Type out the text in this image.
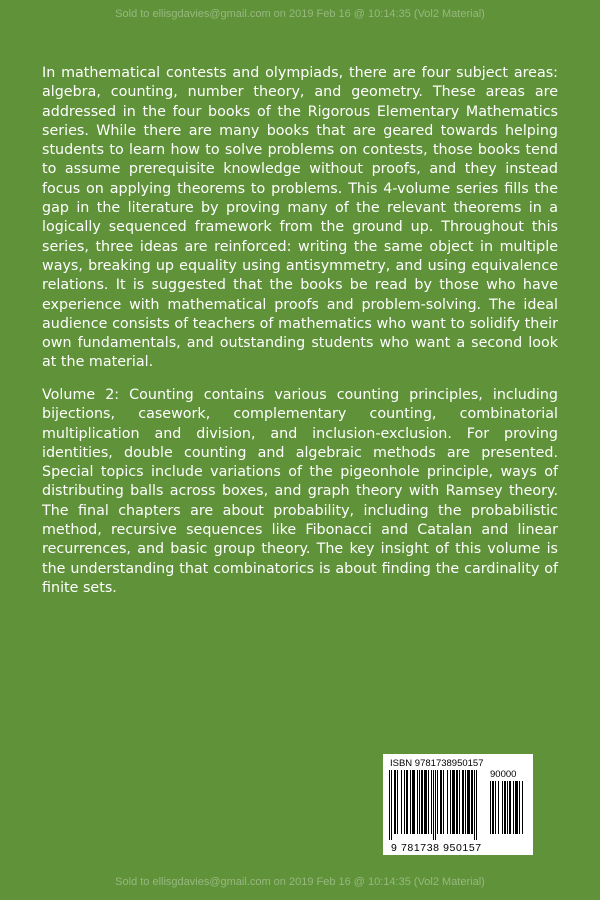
Sold to ellisgdavies@gmail.com on 2019 Feb 16 @ 10:14:35 (Vol2 Material)

In mathematical contests and olympiads, there are four subject areas: algebra, counting, number theory, and geometry. These areas are addressed in the four books of the Rigorous Elementary Mathematics series. While there are many books that are geared towards helping students to learn how to solve problems on contests, those books tend to assume prerequisite knowledge without proofs, and they instead focus on applying theorems to problems. This 4-volume series fills the gap in the literature by proving many of the relevant theorems in a logically sequenced framework from the ground up. Throughout this series, three ideas are reinforced: writing the same object in multiple ways, breaking up equality using antisymmetry, and using equivalence relations. It is suggested that the books be read by those who have experience with mathematical proofs and problem-solving. The ideal audience consists of teachers of mathematics who want to solidify their own fundamentals, and outstanding students who want a second look at the material.

Volume 2: Counting contains various counting principles, including bijections, casework, complementary counting, combinatorial multiplication and division, and inclusion-exclusion. For proving identities, double counting and algebraic methods are presented. Special topics include variations of the pigeonhole principle, ways of distributing balls across boxes, and graph theory with Ramsey theory. The final chapters are about probability, including the probabilistic method, recursive sequences like Fibonacci and Catalan and linear recurrences, and basic group theory. The key insight of this volume is the understanding that combinatorics is about finding the cardinality of finite sets.

ISBN 9781738950157
90000
9 781738 950157
Sold to ellisgdavies@gmail.com on 2019 Feb 16 @ 10:14:35 (Vol2 Material)
